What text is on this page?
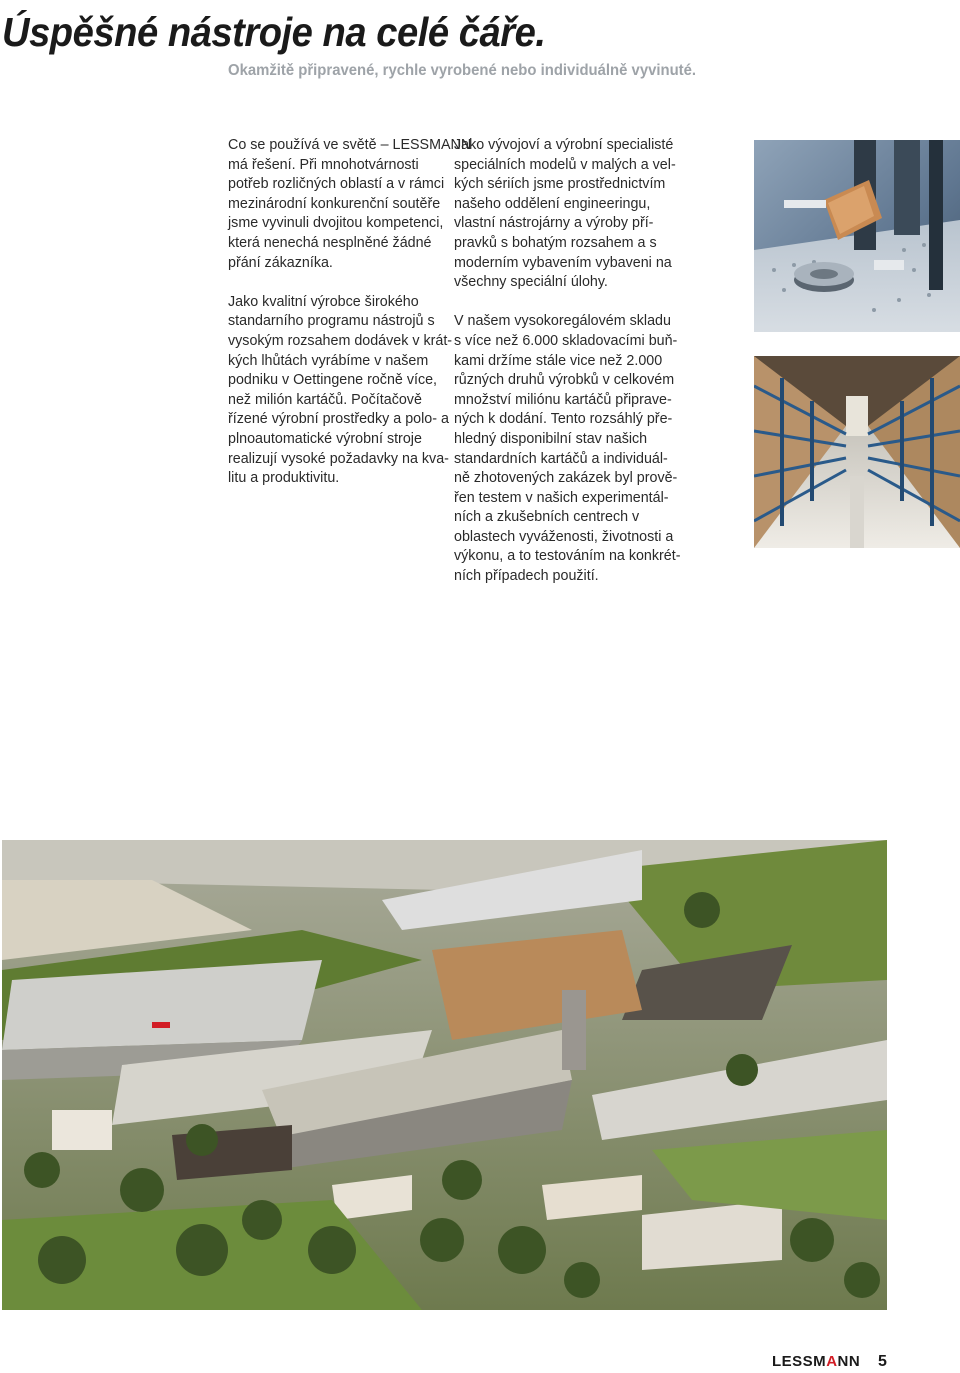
Úspěšné nástroje na celé čáře.
Okamžitě připravené, rychle vyrobené nebo individuálně vyvinuté.

Co se používá ve světě – LESSMANN
má řešení. Při mnohotvárnosti
potřeb rozličných oblastí a v rámci
mezinárodní konkurenční soutěře
jsme vyvinuli dvojitou kompetenci,
která nenechá nesplněné žádné
přání zákazníka.

Jako kvalitní výrobce širokého
standarního programu nástrojů s
vysokým rozsahem dodávek v krát-
kých lhůtách vyrábíme v našem
podniku v Oettingene ročně více,
než milión kartáčů. Počítačově
řízené výrobní prostředky a polo- a
plnoautomatické výrobní stroje
realizují vysoké požadavky na kva-
litu a produktivitu.

Jako vývojoví a výrobní specialisté
speciálních modelů v malých a vel-
kých sériích jsme prostřednictvím
našeho oddělení engineeringu,
vlastní nástrojárny a výroby pří-
pravků s bohatým rozsahem a s
moderním vybavením vybaveni na
všechny speciální úlohy.

V našem vysokoregálovém skladu
s více než 6.000 skladovacími buň-
kami držíme stále vice než 2.000
různých druhů výrobků v celkovém
množství miliónu kartáčů připrave-
ných k dodání. Tento rozsáhlý pře-
hledný disponibilní stav našich
standardních kartáčů a individuál-
ně zhotovených zakázek byl prově-
řen testem v našich experimentál-
ních a zkušebních centrech v
oblastech vyváženosti, životnosti a
výkonu, a to testováním na konkrét-
ních případech použití.

LESSMANN 5
